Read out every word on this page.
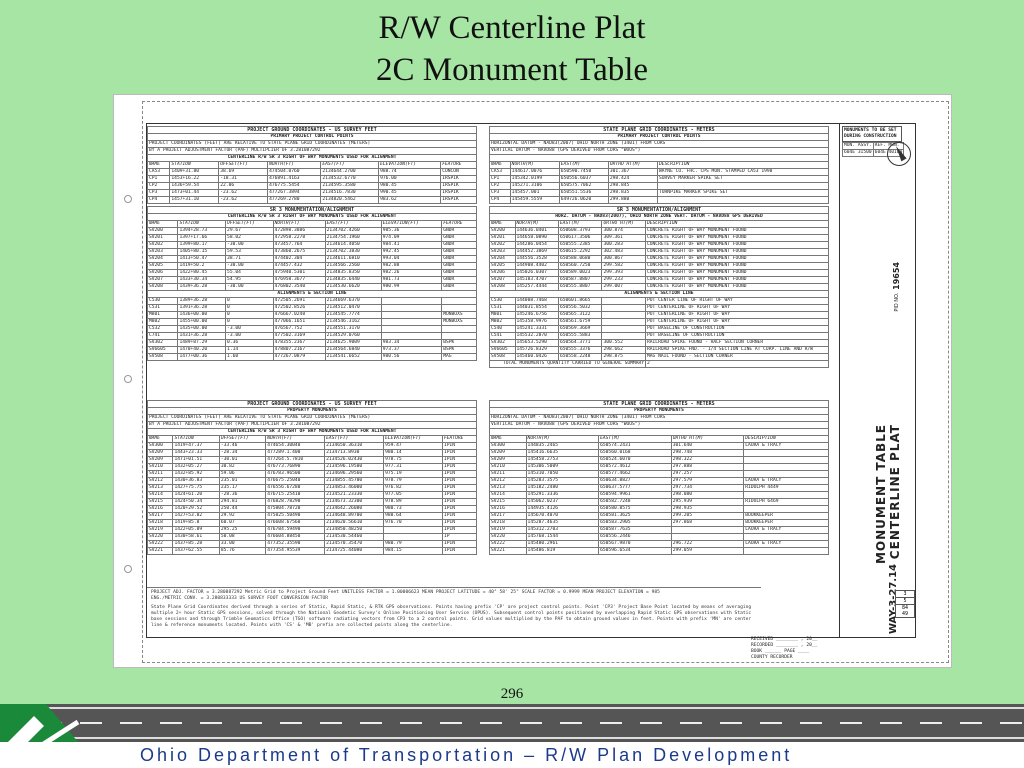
R/W Centerline Plat
2C Monument Table
PROJECT GROUND COORDINATES - US SURVEY FEET						
PRIMARY PROJECT CONTROL POINTS						
PROJECT COORDINATES (FEET) ARE RELATIVE TO STATE PLANE GRID COORDINATES (METERS)						
BY A PROJECT ADJUSTMENT FACTOR (PAF) MULTIPLIER OF 3.281087292						
CENTERLINE R/W SR 3 RIGHT OF WAY MONUMENTS USED FOR ALIGNMENT						
NAME	STATION	OFFSET(FT)	NORTH(FT)	EAST(FT)	ELEVATION(FT)	FEATURE
CA53	1409+31.80	38.69	474504.0760	2134644.2700	988.74	CONCON
CP1	1453+16.22	-18.31	476891.4163	2134532.6770	976.00	IRSPIK
CP2	1436+59.54	22.06	476775.5454	2134595.3580	980.45	IRSPIK
CP3	1473+01.44	-23.62	477267.3894	2134516.7830	990.45	IRSPIK
CP4	1457+31.10	-23.62	477269.2780	2134820.5462	983.62	IRSPIK
STATE PLANE GRID COORDINATES - METERS				
PRIMARY PROJECT CONTROL POINTS				
HORIZONTAL DATUM - NAD83(2007) OHIO NORTH ZONE (3401) FROM CORS				
VERTICAL DATUM - NAVD88 (GPS DERIVED FROM CORS "WOOS")				

NAME	NORTH(M)	EAST(M)	ORTHO HT(M)	DESCRIPTION
CA53	144617.0076	650590.7450	301.367	WAYNE CO. FHC. CPS MON. STAMPED CA53 1998
CP1	145342.0199	650556.6037	298.424	SURVEY MARKER SPIKE SET
CP2	145271.3106	650575.7062	298.845	
CP3	145457.001	650551.5536	298.835	TURNPIKE MARKER SPIKE SET
CP4	145459.5559	649726.0620	299.880	
SR 3 MONUMENTATION/ALIGNMENT						
CENTERLINE R/W SR 3 RIGHT OF WAY MONUMENTS USED FOR ALIGNMENT						
NAME	STATION	OFFSET(FT)	NORTH(FT)	EAST(FT)	ELEVATION(FT)	FEATURE
SV200	1394+28.73	29.67	472898.3886	2134702.4260	985.36	GNDR
SV201	1397+17.66	58.02	472958.2278	2134754.1960	974.09	GNDR
SV202	1399+80.17	-30.00	473457.764	2134614.4050	984.41	GNDR
SV203	1405+80.15	59.53	473860.2675	2134702.3830	992.45	GNDR
SV204	1413+50.47	38.71	474402.304	2134611.6810	993.04	GNDR
SV205	1419+50.2	-30.00	474457.432	2134566.2560	982.88	GNDR
SV206	1422+80.45	55.04	475940.5301	2134835.8350	982.26	GNDR
SV207	1433+30.34	54.95	476958.3677	2134835.6440	981.73	GNDR
SV208	1439+36.28	-30.00	476802.3540	2134530.6620	980.99	GNDR
ALIGNMENTS & SECTION LINE						
C530	1389+36.28	0	472505.2691	2134669.6370		
C531	1391+36.28	0	472502.8526	2134512.0470		
M801	1436+00.00	0	476667.0248	2134545.7774		MONBOXS
M802	1455+00.00	0	477066.1651	2134546.3162		MONBOXS
C532	1435+00.00	-3.00	476567.752	2134551.3170		
C741	1431+36.28	-3.00	477502.3169	2134529.0760		
SV302	1489+87.29	0.36	478355.2367	2134625.9009	983.34	BSPK
SV6605	1470+40.20	1.14	478807.2167	2134564.6840	973.37	BSPK
SV508	1477+00.36	1.60	477267.0879	2134541.6652	980.56	MAG
SR 3 MONUMENTATION/ALIGNMENT				
HORZ. DATUM - NAD83(2007), OHIO NORTH ZONE VERT. DATUM - NAVD88 GPS DERIVED				
NAME	NORTH(M)	EAST(M)	ORTHO HT(M)	DESCRIPTION
SV200	144636.0401	650608.3793	300.874	CONCRETE RIGHT OF WAY MONUMENT FOUND
SV201	144658.0890	650617.3506	309.361	CONCRETE RIGHT OF WAY MONUMENT FOUND
SV202	144286.0454	650555.2385	300.283	CONCRETE RIGHT OF WAY MONUMENT FOUND
SV203	144452.3869	650615.2292	302.483	CONCRETE RIGHT OF WAY MONUMENT FOUND
SV204	144556.3528	650588.0680	300.867	CONCRETE RIGHT OF WAY MONUMENT FOUND
SV205	144908.4402	650560.7250	299.582	CONCRETE RIGHT OF WAY MONUMENT FOUND
SV206	145026.0307	650589.0023	299.393	CONCRETE RIGHT OF WAY MONUMENT FOUND
SV207	145183.4707	650587.8807	299.233	CONCRETE RIGHT OF WAY MONUMENT FOUND
SV208	145257.4444	650555.8807	299.007	CONCRETE RIGHT OF WAY MONUMENT FOUND
ALIGNMENTS & SECTION LINE				
C530	144008.7468	650601.8665		POT CENTER LINE OF RIGHT OF WAY
C531	144031.8554	650556.5032		POT CENTERLINE OF RIGHT OF WAY
M801	145246.6756	650565.3122		POT CENTERLINE OF RIGHT OF WAY
M802	145358.9976	650561.6759		POT CENTERLINE OF RIGHT OF WAY
C540	145241.3331	650569.3669		POT BASELINE OF CONSTRUCTION
C541	145532.2870	650555.5883		POT BASELINE OF CONSTRUCTION
SV302	145653.5290	650564.3771	300.552	RAILROAD SPIKE FOUND - HALF SECTION CORNER
SV6605	145726.8329	650555.3376	298.662	RAILROAD SPIKE FND. - 1/4 SECTION LINE AT CORP. LINE AND R/W
SV508	145460.0426	650558.2248	298.875	MAG NAIL FOUND - SECTION CORNER
TOTAL MONUMENTS QUANTITY CARRIED TO GENERAL SUMMARY				2
PROJECT GROUND COORDINATES - US SURVEY FEET						
PROPERTY MONUMENTS						
PROJECT COORDINATES (FEET) ARE RELATIVE TO STATE PLANE GRID COORDINATES (METERS)						
BY A PROJECT ADJUSTMENT FACTOR (PAF) MULTIPLIER OF 3.281087292						
CENTERLINE R/W SR 3 RIGHT OF WAY MONUMENTS USED FOR ALIGNMENT						
NAME	STATION	OFFSET(FT)	NORTH(FT)	EAST(FT)	ELEVATION(FT)	FEATURE
SV300	1419+47.37	-33.46	474654.30040	2134650.36310	959.47	IPIN
SV209	1443+23.33	-28.34	477289.1.400	2134713.8930	980.14	IPIN
SV209	1471+01.51	-30.01	477264.5.7810	2134526.02430	978.75	IPIN
SV210	1432+05.27	30.82	476773.76890	2134596.19500	977.31	IPIN
SV211	1432+85.92	59.06	476783.96500	2134696.29560	975.19	IPIN
SV212	1430+36.83	235.01	476675.25040	2134855.45700	978.79	IPIN
SV213	1427+75.75	235.17	476556.67280	2134853.46000	976.82	IPIN
SV214	1424+61.20	-28.36	476715.25410	2134521.23330	977.05	IPIN
SV215	1424+50.34	294.81	476828.78290	2134673.32300	978.89	IPIN
SV216	1420+29.52	250.44	475804.78720	2134642.26080	980.73	IPIN
SV217	1427+53.02	29.92	475825.50490	2134648.89700	980.64	IPIN
SV218	1419+85.8	60.07	476608.67560	2134620.56610	976.70	IPIN
SV219	1422+05.89	295.25	476784.59490	2134850.48250		IPIN
SV220	1430+58.61	50.08	476604.88450	2134530.54460		IP
SV222	1437+85.28	33.00	477352.35590	2134570.35470	980.79	IPIN
SV221	1437+62.55	85.76	477354.95539	2134725.44080	984.15	IPIN
STATE PLANE GRID COORDINATES - METERS				
PROPERTY MONUMENTS				
HORIZONTAL DATUM - NAD83(2007) OHIO NORTH ZONE (3401) FROM CORS				
VERTICAL DATUM - NAVD88 (GPS DERIVED FROM CORS "WOOS")				

NAME	NORTH(M)	EAST(M)	ORTHO HT(M)	DESCRIPTION
SV300	144835.2465	650574.2431	301.640	LAURA & TRACY
SV209	145416.6635	650560.0168	298.748	
SV209	145458.2753	650524.6070	298.322	
SV210	145306.5009	650572.4612	297.888	
SV211	145310.7050	650577.4662	297.257	
SV212	145283.3575	650634.8827	297.579	LAURA & TRACY
SV213	145182.2480	650637.5777	297.734	RIDOLPH 4449
SV214	145291.3336	650594.9961	298.080	
SV215	145062.0237	650582.7248	295.939	RIDOLPH 6469
SV216	144935.4126	650580.8575	298.935	
SV217	145670.4070	650581.3625	299.205	BOOKKEEPER
SV218	145287.4635	650583.2905	297.868	BOOKKEEPER
SV219	145312.2703	650587.7635		LAURA & TRACY
SV220	145768.1544	650556.2446		
SV222	145480.2961	650567.9870	296.722	LAURA & TRACY
SV221	145486.819	650596.6534	299.059	
PROJECT ADJ. FACTOR = 3.280887292 Metric Grid to Project Ground Feet UNITLESS FACTOR = 1.00006623 MEAN PROJECT LATITUDE = 40° 58' 25" SCALE FACTOR = 0.9999 MEAN PROJECT ELEVATION = 985
ENG./METRIC CONV. = 3.280833333 US SURVEY FOOT CONVERSION FACTOR
State Plane Grid Coordinates derived through a series of Static, Rapid Static, & RTK GPS observations. Points having prefix 'CP' are project control points. Point 'CP3' Project Base Point located by means of averaging multiple 2+ hour Static GPS sessions, solved through the National Geodetic Survey's Online Positioning User Service (OPUS). Subsequent control points positioned by overlapping Rapid Static GPS observations with Static base sessions and through Trimble Geomatics Office (TGO) software radiating vectors from CP3 to a 2 control points. Grid values multiplied by the PAF to obtain ground values in feet. Points with prefix 'MN' are center line & reference monuments located. Points with 'CS' & 'MB' prefix are collected points along the centerline.
MONUMENTS TO BE SET DURING CONSTRUCTION
MON. ASSY.	REF. MON.
604E 3I500	604E 40I00
PID NO. 19654
CENTERLINE PLAT
MONUMENT TABLE
WAY-3-27.14 3
5
84
49
RECEIVED ________ , 20__
RECORDED ________ , 20__
BOOK ______ PAGE ____
COUNTY RECORDER
296
Ohio Department of Transportation – R/W Plan Development
